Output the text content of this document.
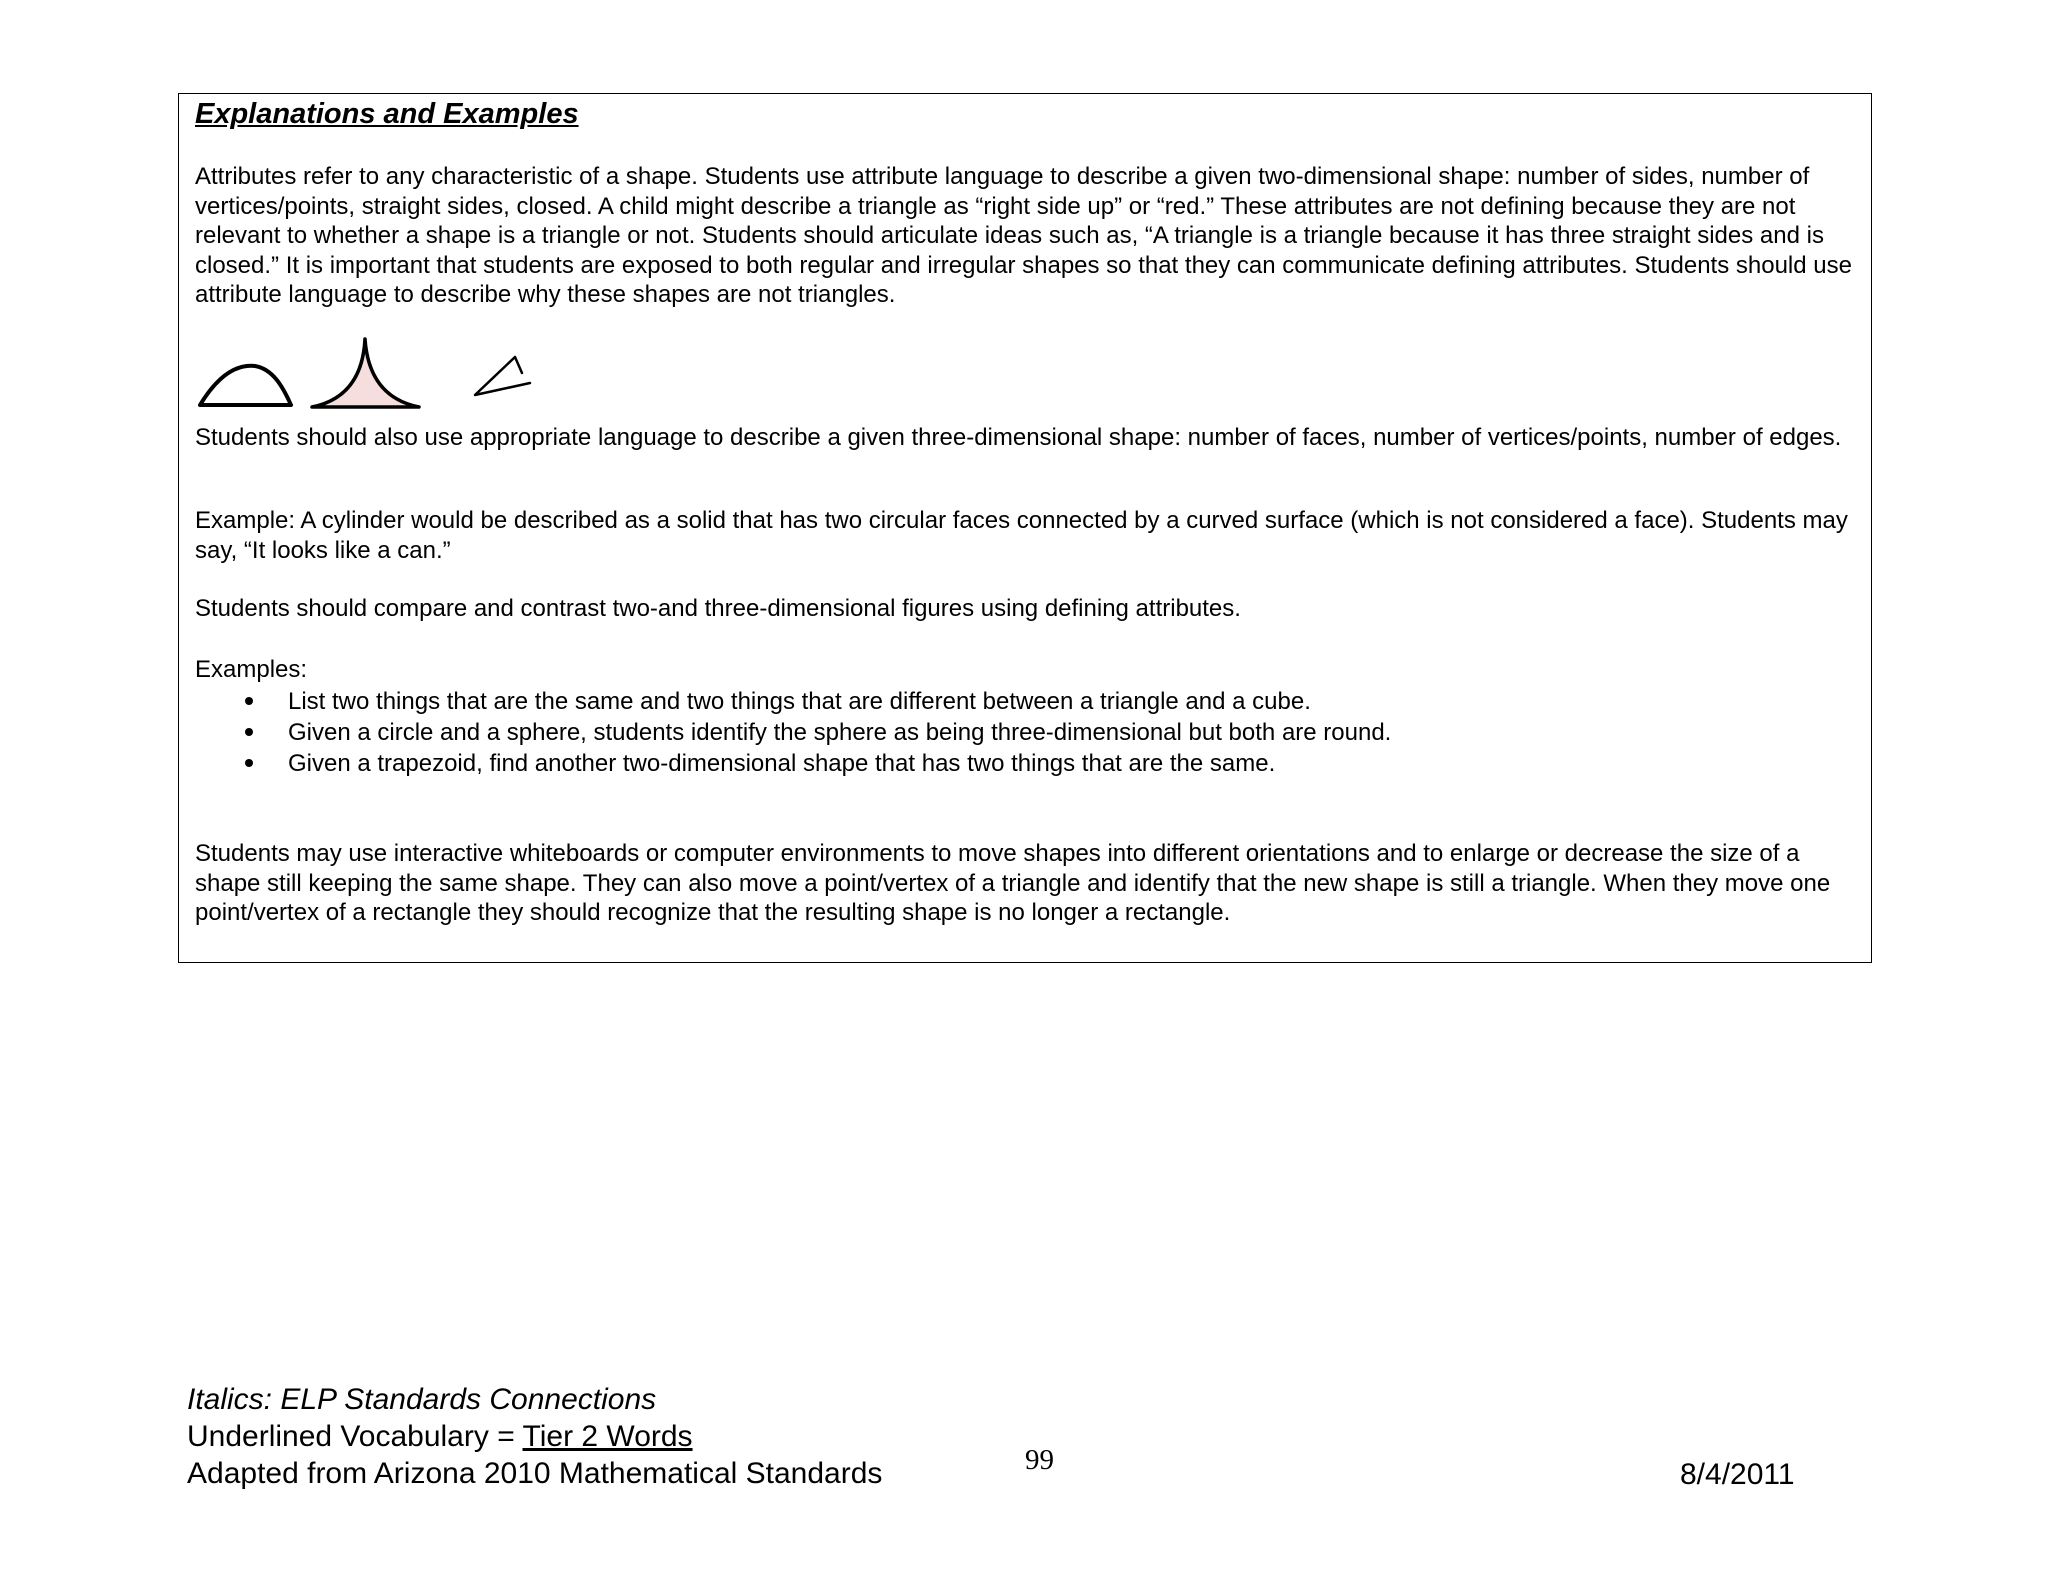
Explanations and Examples
Attributes refer to any characteristic of a shape. Students use attribute language to describe a given two-dimensional shape: number of sides, number of vertices/points, straight sides, closed. A child might describe a triangle as “right side up” or “red.” These attributes are not defining because they are not relevant to whether a shape is a triangle or not. Students should articulate ideas such as, “A triangle is a triangle because it has three straight sides and is closed.” It is important that students are exposed to both regular and irregular shapes so that they can communicate defining attributes. Students should use attribute language to describe why these shapes are not triangles.
Students should also use appropriate language to describe a given three-dimensional shape: number of faces, number of vertices/points, number of edges.
Example: A cylinder would be described as a solid that has two circular faces connected by a curved surface (which is not considered a face). Students may say, “It looks like a can.”
Students should compare and contrast two-and three-dimensional figures using defining attributes.
Examples:
List two things that are the same and two things that are different between a triangle and a cube.
Given a circle and a sphere, students identify the sphere as being three-dimensional but both are round.
Given a trapezoid, find another two-dimensional shape that has two things that are the same.
Students may use interactive whiteboards or computer environments to move shapes into different orientations and to enlarge or decrease the size of a shape still keeping the same shape. They can also move a point/vertex of a triangle and identify that the new shape is still a triangle. When they move one point/vertex of a rectangle they should recognize that the resulting shape is no longer a rectangle.
Italics: ELP Standards Connections
Underlined Vocabulary = Tier 2 Words
Adapted from Arizona 2010 Mathematical Standards	99	8/4/2011
